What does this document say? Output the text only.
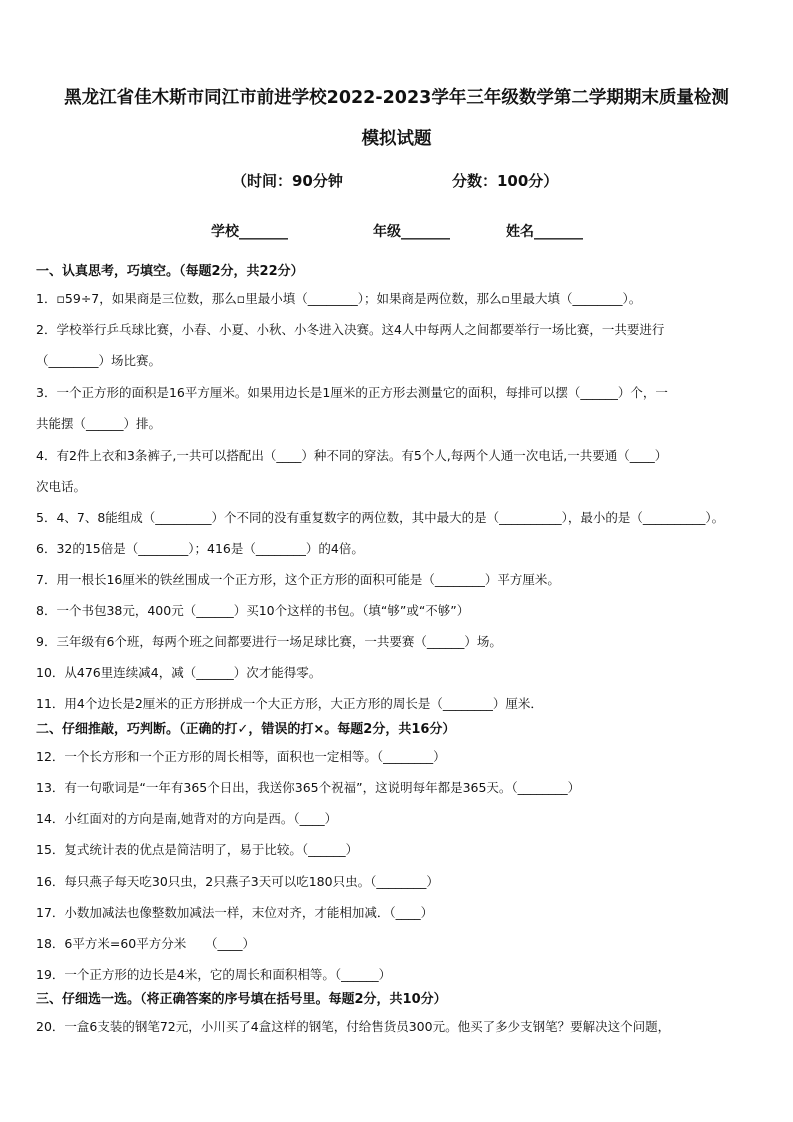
黑龙江省佳木斯市同江市前进学校2022-2023学年三年级数学第二学期期末质量检测
模拟试题
（时间：90分钟	分数：100分）
学校_______	年级_______	姓名_______
一、认真思考，巧填空。（每题2分，共22分）
1．▫59÷7，如果商是三位数，那么▫里最小填（________）；如果商是两位数，那么▫里最大填（________）。
2．学校举行乒乓球比赛，小春、小夏、小秋、小冬进入决赛。这4人中每两人之间都要举行一场比赛，一共要进行
（________）场比赛。
3．一个正方形的面积是16平方厘米。如果用边长是1厘米的正方形去测量它的面积，每排可以摆（______）个，一
共能摆（______）排。
4．有2件上衣和3条裤子,一共可以搭配出（____）种不同的穿法。有5个人,每两个人通一次电话,一共要通（____）
次电话。
5．4、7、8能组成（_________）个不同的没有重复数字的两位数，其中最大的是（__________），最小的是（__________）。
6．32的15倍是（________）；416是（________）的4倍。
7．用一根长16厘米的铁丝围成一个正方形，这个正方形的面积可能是（________）平方厘米。
8．一个书包38元，400元（______）买10个这样的书包。（填“够”或“不够”）
9．三年级有6个班，每两个班之间都要进行一场足球比赛，一共要赛（______）场。
10．从476里连续减4，减（______）次才能得零。
11．用4个边长是2厘米的正方形拼成一个大正方形，大正方形的周长是（________）厘米．
二、仔细推敲，巧判断。（正确的打✓，错误的打×。每题2分，共16分）
12．一个长方形和一个正方形的周长相等，面积也一定相等。（________）
13．有一句歌词是“一年有365个日出，我送你365个祝福”，这说明每年都是365天。（________）
14．小红面对的方向是南,她背对的方向是西。（____）
15．复式统计表的优点是简洁明了，易于比较。（______）
16．每只燕子每天吃30只虫，2只燕子3天可以吃180只虫。（________）
17．小数加减法也像整数加减法一样，末位对齐，才能相加减．（____）
18．6平方米=60平方分米　　（____）
19．一个正方形的边长是4米，它的周长和面积相等。（______）
三、仔细选一选。（将正确答案的序号填在括号里。每题2分，共10分）
20．一盒6支装的钢笔72元，小川买了4盒这样的钢笔，付给售货员300元。他买了多少支钢笔？要解决这个问题，
